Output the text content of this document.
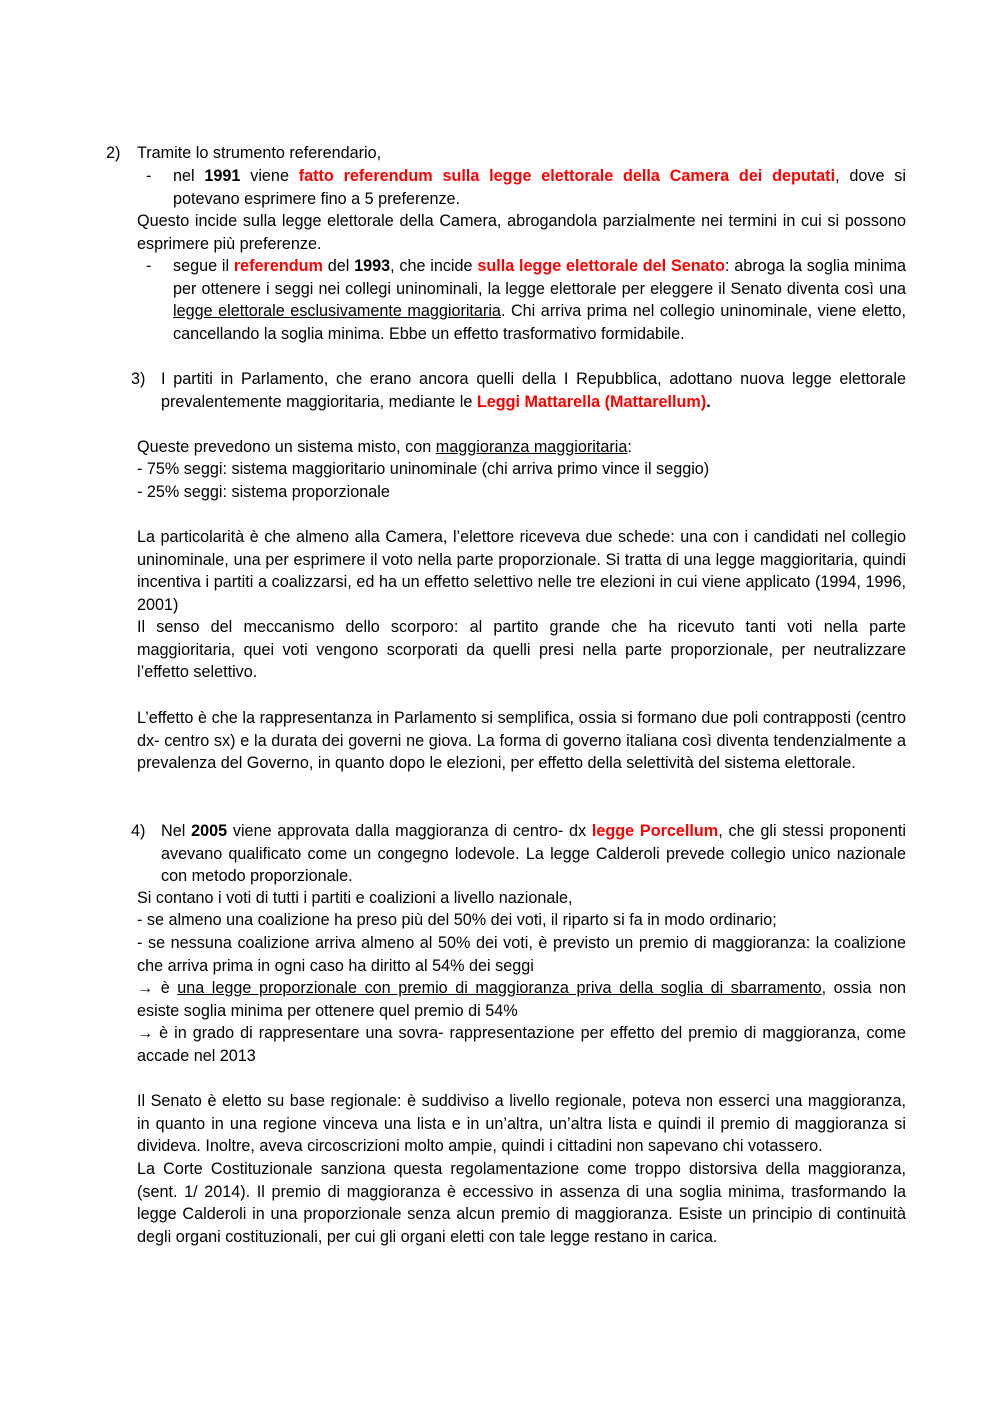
2) Tramite lo strumento referendario,

- nel 1991 viene fatto referendum sulla legge elettorale della Camera dei deputati, dove si potevano esprimere fino a 5 preferenze.

Questo incide sulla legge elettorale della Camera, abrogandola parzialmente nei termini in cui si possono esprimere più preferenze.

- segue il referendum del 1993, che incide sulla legge elettorale del Senato: abroga la soglia minima per ottenere i seggi nei collegi uninominali, la legge elettorale per eleggere il Senato diventa così una legge elettorale esclusivamente maggioritaria. Chi arriva prima nel collegio uninominale, viene eletto, cancellando la soglia minima. Ebbe un effetto trasformativo formidabile.

3) I partiti in Parlamento, che erano ancora quelli della I Repubblica, adottano nuova legge elettorale prevalentemente maggioritaria, mediante le Leggi Mattarella (Mattarellum).

Queste prevedono un sistema misto, con maggioranza maggioritaria:

- 75% seggi: sistema maggioritario uninominale (chi arriva primo vince il seggio)

- 25% seggi: sistema proporzionale

La particolarità è che almeno alla Camera, l’elettore riceveva due schede: una con i candidati nel collegio uninominale, una per esprimere il voto nella parte proporzionale. Si tratta di una legge maggioritaria, quindi incentiva i partiti a coalizzarsi, ed ha un effetto selettivo nelle tre elezioni in cui viene applicato (1994, 1996, 2001)

Il senso del meccanismo dello scorporo: al partito grande che ha ricevuto tanti voti nella parte maggioritaria, quei voti vengono scorporati da quelli presi nella parte proporzionale, per neutralizzare l’effetto selettivo.

L’effetto è che la rappresentanza in Parlamento si semplifica, ossia si formano due poli contrapposti (centro dx- centro sx) e la durata dei governi ne giova. La forma di governo italiana così diventa tendenzialmente a prevalenza del Governo, in quanto dopo le elezioni, per effetto della selettività del sistema elettorale.

4) Nel 2005 viene approvata dalla maggioranza di centro- dx legge Porcellum, che gli stessi proponenti avevano qualificato come un congegno lodevole. La legge Calderoli prevede collegio unico nazionale con metodo proporzionale.

Si contano i voti di tutti i partiti e coalizioni a livello nazionale,

- se almeno una coalizione ha preso più del 50% dei voti, il riparto si fa in modo ordinario;

- se nessuna coalizione arriva almeno al 50% dei voti, è previsto un premio di maggioranza: la coalizione che arriva prima in ogni caso ha diritto al 54% dei seggi

→ è una legge proporzionale con premio di maggioranza priva della soglia di sbarramento, ossia non esiste soglia minima per ottenere quel premio di 54%

→ è in grado di rappresentare una sovra- rappresentazione per effetto del premio di maggioranza, come accade nel 2013

Il Senato è eletto su base regionale: è suddiviso a livello regionale, poteva non esserci una maggioranza, in quanto in una regione vinceva una lista e in un’altra, un’altra lista e quindi il premio di maggioranza si divideva. Inoltre, aveva circoscrizioni molto ampie, quindi i cittadini non sapevano chi votassero.

La Corte Costituzionale sanziona questa regolamentazione come troppo distorsiva della maggioranza, (sent. 1/ 2014). Il premio di maggioranza è eccessivo in assenza di una soglia minima, trasformando la legge Calderoli in una proporzionale senza alcun premio di maggioranza. Esiste un principio di continuità degli organi costituzionali, per cui gli organi eletti con tale legge restano in carica.
